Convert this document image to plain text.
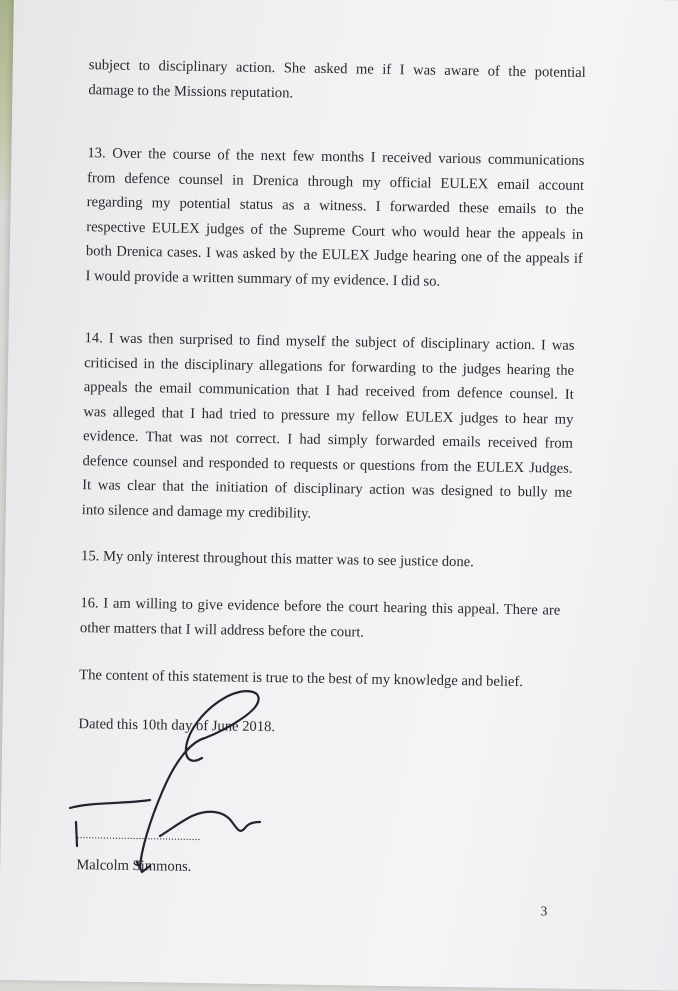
subject to disciplinary action. She asked me if I was aware of the potential
damage to the Missions reputation.
13. Over the course of the next few months I received various communications
from defence counsel in Drenica through my official EULEX email account
regarding my potential status as a witness. I forwarded these emails to the
respective EULEX judges of the Supreme Court who would hear the appeals in
both Drenica cases. I was asked by the EULEX Judge hearing one of the appeals if
I would provide a written summary of my evidence. I did so.
14. I was then surprised to find myself the subject of disciplinary action. I was
criticised in the disciplinary allegations for forwarding to the judges hearing the
appeals the email communication that I had received from defence counsel. It
was alleged that I had tried to pressure my fellow EULEX judges to hear my
evidence. That was not correct. I had simply forwarded emails received from
defence counsel and responded to requests or questions from the EULEX Judges.
It was clear that the initiation of disciplinary action was designed to bully me
into silence and damage my credibility.
15. My only interest throughout this matter was to see justice done.
16. I am willing to give evidence before the court hearing this appeal. There are
other matters that I will address before the court.
The content of this statement is true to the best of my knowledge and belief.
Dated this 10th day of June 2018.
..........................................
Malcolm Simmons.
3
